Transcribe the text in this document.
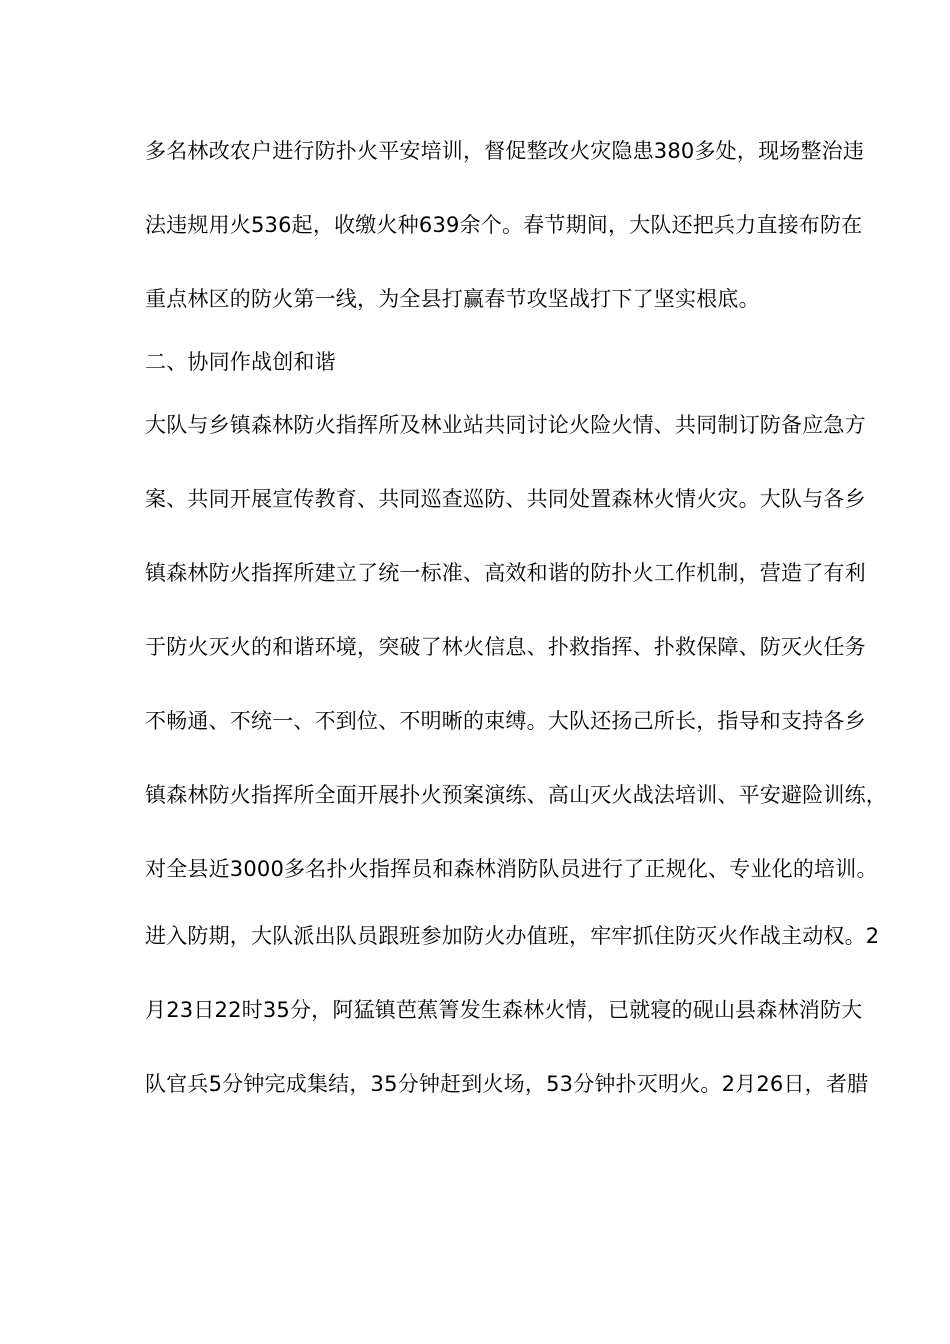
多名林改农户进行防扑火平安培训，督促整改火灾隐患380多处，现场整治违
法违规用火536起，收缴火种639余个。春节期间，大队还把兵力直接布防在
重点林区的防火第一线，为全县打赢春节攻坚战打下了坚实根底。
二、协同作战创和谐
大队与乡镇森林防火指挥所及林业站共同讨论火险火情、共同制订防备应急方
案、共同开展宣传教育、共同巡查巡防、共同处置森林火情火灾。大队与各乡
镇森林防火指挥所建立了统一标准、高效和谐的防扑火工作机制，营造了有利
于防火灭火的和谐环境，突破了林火信息、扑救指挥、扑救保障、防灭火任务
不畅通、不统一、不到位、不明晰的束缚。大队还扬己所长，指导和支持各乡
镇森林防火指挥所全面开展扑火预案演练、高山灭火战法培训、平安避险训练，
对全县近3000多名扑火指挥员和森林消防队员进行了正规化、专业化的培训。
进入防期，大队派出队员跟班参加防火办值班，牢牢抓住防灭火作战主动权。2
月23日22时35分，阿猛镇芭蕉箐发生森林火情，已就寝的砚山县森林消防大
队官兵5分钟完成集结，35分钟赶到火场，53分钟扑灭明火。2月26日，者腊
